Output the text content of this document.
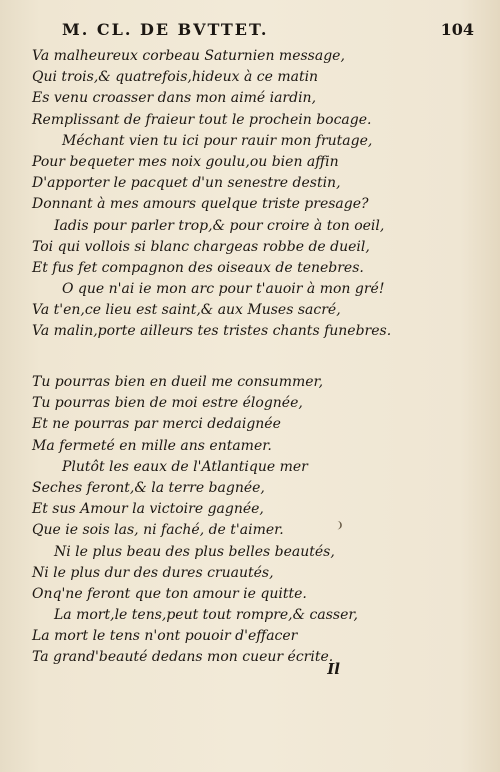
M. CL. DE BVTTET.	104
Va malheureux corbeau Saturnien message,
Qui trois,& quatrefois,hideux à ce matin
Es venu croasser dans mon aimé iardin,
Remplissant de fraieur tout le prochein bocage.
Méchant vien tu ici pour rauir mon frutage,
Pour bequeter mes noix goulu,ou bien affin
D'apporter le pacquet d'un senestre destin,
Donnant à mes amours quelque triste presage?
Iadis pour parler trop,& pour croire à ton oeil,
Toi qui vollois si blanc chargeas robbe de dueil,
Et fus fet compagnon des oiseaux de tenebres.
O que n'ai ie mon arc pour t'auoir à mon gré!
Va t'en,ce lieu est saint,& aux Muses sacré,
Va malin,porte ailleurs tes tristes chants funebres.
Tu pourras bien en dueil me consummer,
Tu pourras bien de moi estre élognée,
Et ne pourras par merci dedaignée
Ma fermeté en mille ans entamer.
Plutôt les eaux de l'Atlantique mer
Seches feront,& la terre bagnée,
Et sus Amour la victoire gagnée,
Que ie sois las, ni faché, de t'aimer.
Ni le plus beau des plus belles beautés,
Ni le plus dur des dures cruautés,
Onq'ne feront que ton amour ie quitte.
La mort,le tens,peut tout rompre,& casser,
La mort le tens n'ont pouoir d'effacer
Ta grand'beauté dedans mon cueur écrite.
❩
Il
